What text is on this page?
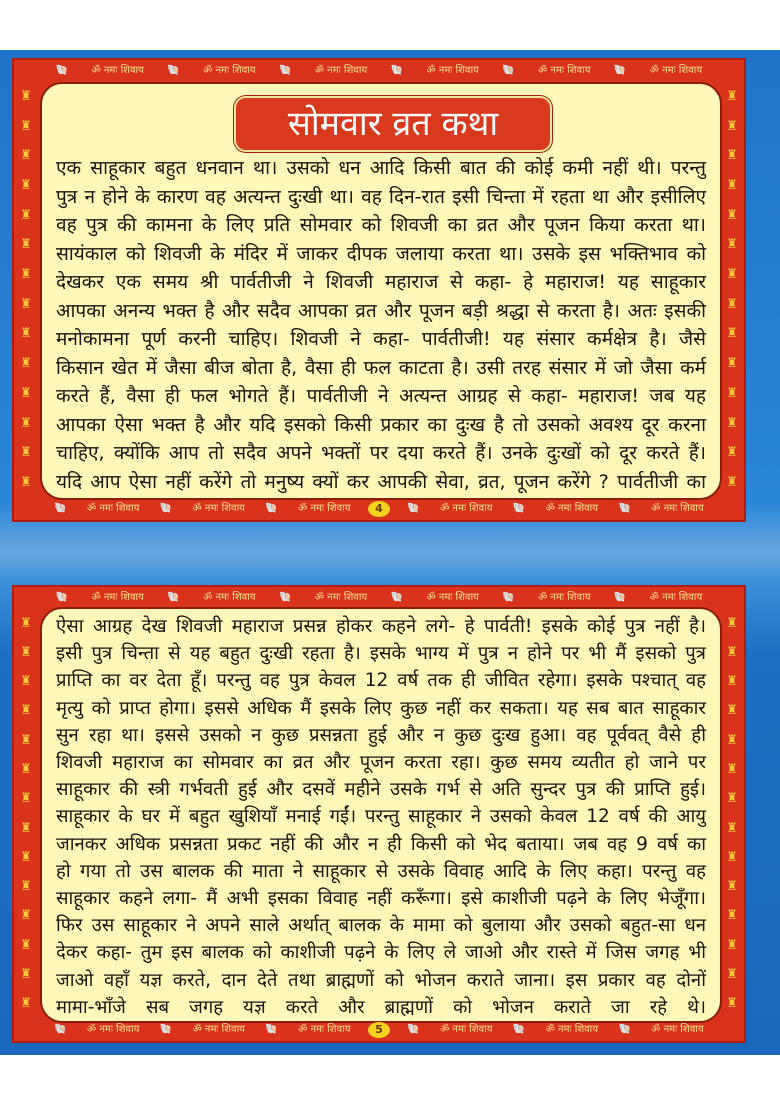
🐚	ॐ नमः शिवाय	🐚	ॐ नमः शिवाय	🐚	ॐ नमः शिवाय	🐚	ॐ नमः शिवाय	🐚	ॐ नमः शिवाय	🐚	ॐ नमः शिवाय
♜
♜
♜
♜
♜
♜
♜
♜
♜
♜
♜
♜
♜
♜
♜
♜
♜
♜
♜
♜
♜
♜
♜
♜
♜
♜
♜
♜
सोमवार व्रत कथा
एक साहूकार बहुत धनवान था। उसको धन आदि किसी बात की कोई कमी नहीं थी। परन्तु
पुत्र न होने के कारण वह अत्यन्त दुःखी था। वह दिन-रात इसी चिन्ता में रहता था और इसीलिए
वह पुत्र की कामना के लिए प्रति सोमवार को शिवजी का व्रत और पूजन किया करता था।
सायंकाल को शिवजी के मंदिर में जाकर दीपक जलाया करता था। उसके इस भक्तिभाव को
देखकर एक समय श्री पार्वतीजी ने शिवजी महाराज से कहा- हे महाराज! यह साहूकार
आपका अनन्य भक्त है और सदैव आपका व्रत और पूजन बड़ी श्रद्धा से करता है। अतः इसकी
मनोकामना पूर्ण करनी चाहिए। शिवजी ने कहा- पार्वतीजी! यह संसार कर्मक्षेत्र है। जैसे
किसान खेत में जैसा बीज बोता है, वैसा ही फल काटता है। उसी तरह संसार में जो जैसा कर्म
करते हैं, वैसा ही फल भोगते हैं। पार्वतीजी ने अत्यन्त आग्रह से कहा- महाराज! जब यह
आपका ऐसा भक्त है और यदि इसको किसी प्रकार का दुःख है तो उसको अवश्य दूर करना
चाहिए, क्योंकि आप तो सदैव अपने भक्तों पर दया करते हैं। उनके दुःखों को दूर करते हैं।
यदि आप ऐसा नहीं करेंगे तो मनुष्य क्यों कर आपकी सेवा, व्रत, पूजन करेंगे ? पार्वतीजी का
🐚	ॐ नमः शिवाय	🐚	ॐ नमः शिवाय	🐚	ॐ नमः शिवाय	4	🐚	ॐ नमः शिवाय	🐚	ॐ नमः शिवाय	🐚	ॐ नमः शिवाय
🐚	ॐ नमः शिवाय	🐚	ॐ नमः शिवाय	🐚	ॐ नमः शिवाय	🐚	ॐ नमः शिवाय	🐚	ॐ नमः शिवाय	🐚	ॐ नमः शिवाय
♜
♜
♜
♜
♜
♜
♜
♜
♜
♜
♜
♜
♜
♜
♜
♜
♜
♜
♜
♜
♜
♜
♜
♜
♜
♜
♜
♜
ऐसा आग्रह देख शिवजी महाराज प्रसन्न होकर कहने लगे- हे पार्वती! इसके कोई पुत्र नहीं है।
इसी पुत्र चिन्ता से यह बहुत दुःखी रहता है। इसके भाग्य में पुत्र न होने पर भी मैं इसको पुत्र
प्राप्ति का वर देता हूँ। परन्तु वह पुत्र केवल 12 वर्ष तक ही जीवित रहेगा। इसके पश्चात् वह
मृत्यु को प्राप्त होगा। इससे अधिक मैं इसके लिए कुछ नहीं कर सकता। यह सब बात साहूकार
सुन रहा था। इससे उसको न कुछ प्रसन्नता हुई और न कुछ दुःख हुआ। वह पूर्ववत् वैसे ही
शिवजी महाराज का सोमवार का व्रत और पूजन करता रहा। कुछ समय व्यतीत हो जाने पर
साहूकार की स्त्री गर्भवती हुई और दसवें महीने उसके गर्भ से अति सुन्दर पुत्र की प्राप्ति हुई।
साहूकार के घर में बहुत खुशियाँ मनाई गईं। परन्तु साहूकार ने उसको केवल 12 वर्ष की आयु
जानकर अधिक प्रसन्नता प्रकट नहीं की और न ही किसी को भेद बताया। जब वह 9 वर्ष का
हो गया तो उस बालक की माता ने साहूकार से उसके विवाह आदि के लिए कहा। परन्तु वह
साहूकार कहने लगा- मैं अभी इसका विवाह नहीं करूँगा। इसे काशीजी पढ़ने के लिए भेजूँगा।
फिर उस साहूकार ने अपने साले अर्थात् बालक के मामा को बुलाया और उसको बहुत-सा धन
देकर कहा- तुम इस बालक को काशीजी पढ़ने के लिए ले जाओ और रास्ते में जिस जगह भी
जाओ वहाँ यज्ञ करते, दान देते तथा ब्राह्मणों को भोजन कराते जाना। इस प्रकार वह दोनों
मामा-भाँजे सब जगह यज्ञ करते और ब्राह्मणों को भोजन कराते जा रहे थे।
🐚	ॐ नमः शिवाय	🐚	ॐ नमः शिवाय	🐚	ॐ नमः शिवाय	5	🐚	ॐ नमः शिवाय	🐚	ॐ नमः शिवाय	🐚	ॐ नमः शिवाय
